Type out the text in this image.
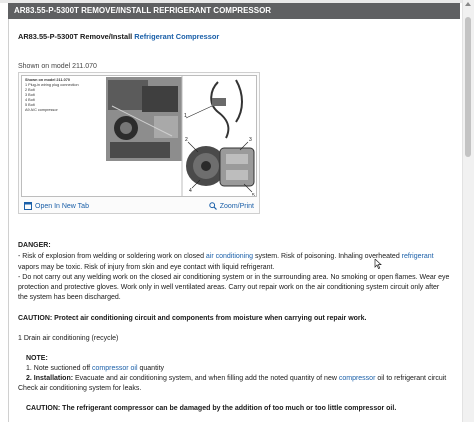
AR83.55-P-5300T REMOVE/INSTALL REFRIGERANT COMPRESSOR
AR83.55-P-5300T Remove/Install Refrigerant Compressor
Shown on model 211.070
Shown on model 211.070
1 Plug-in wiring plug connection
2 Bolt
3 Bolt
4 Bolt
5 Bolt
A9 A/C compressor
1
2	3
4
5
Open In New Tab	Zoom/Print
DANGER:
- Risk of explosion from welding or soldering work on closed air conditioning system. Risk of poisoning. Inhaling overheated refrigerant
vapors may be toxic. Risk of injury from skin and eye contact with liquid refrigerant.
- Do not carry out any welding work on the closed air conditioning system or in the surrounding area. No smoking or open flames. Wear eye
protection and protective gloves. Work only in well ventilated areas. Carry out repair work on the air conditioning system circuit only after
the system has been discharged.
CAUTION: Protect air conditioning circuit and components from moisture when carrying out repair work.
1 Drain air conditioning (recycle)
NOTE:
1. Note suctioned off compressor oil quantity
2. Installation: Evacuate and air conditioning system, and when filling add the noted quantity of new compressor oil to refrigerant circuit
Check air conditioning system for leaks.
CAUTION: The refrigerant compressor can be damaged by the addition of too much or too little compressor oil.
